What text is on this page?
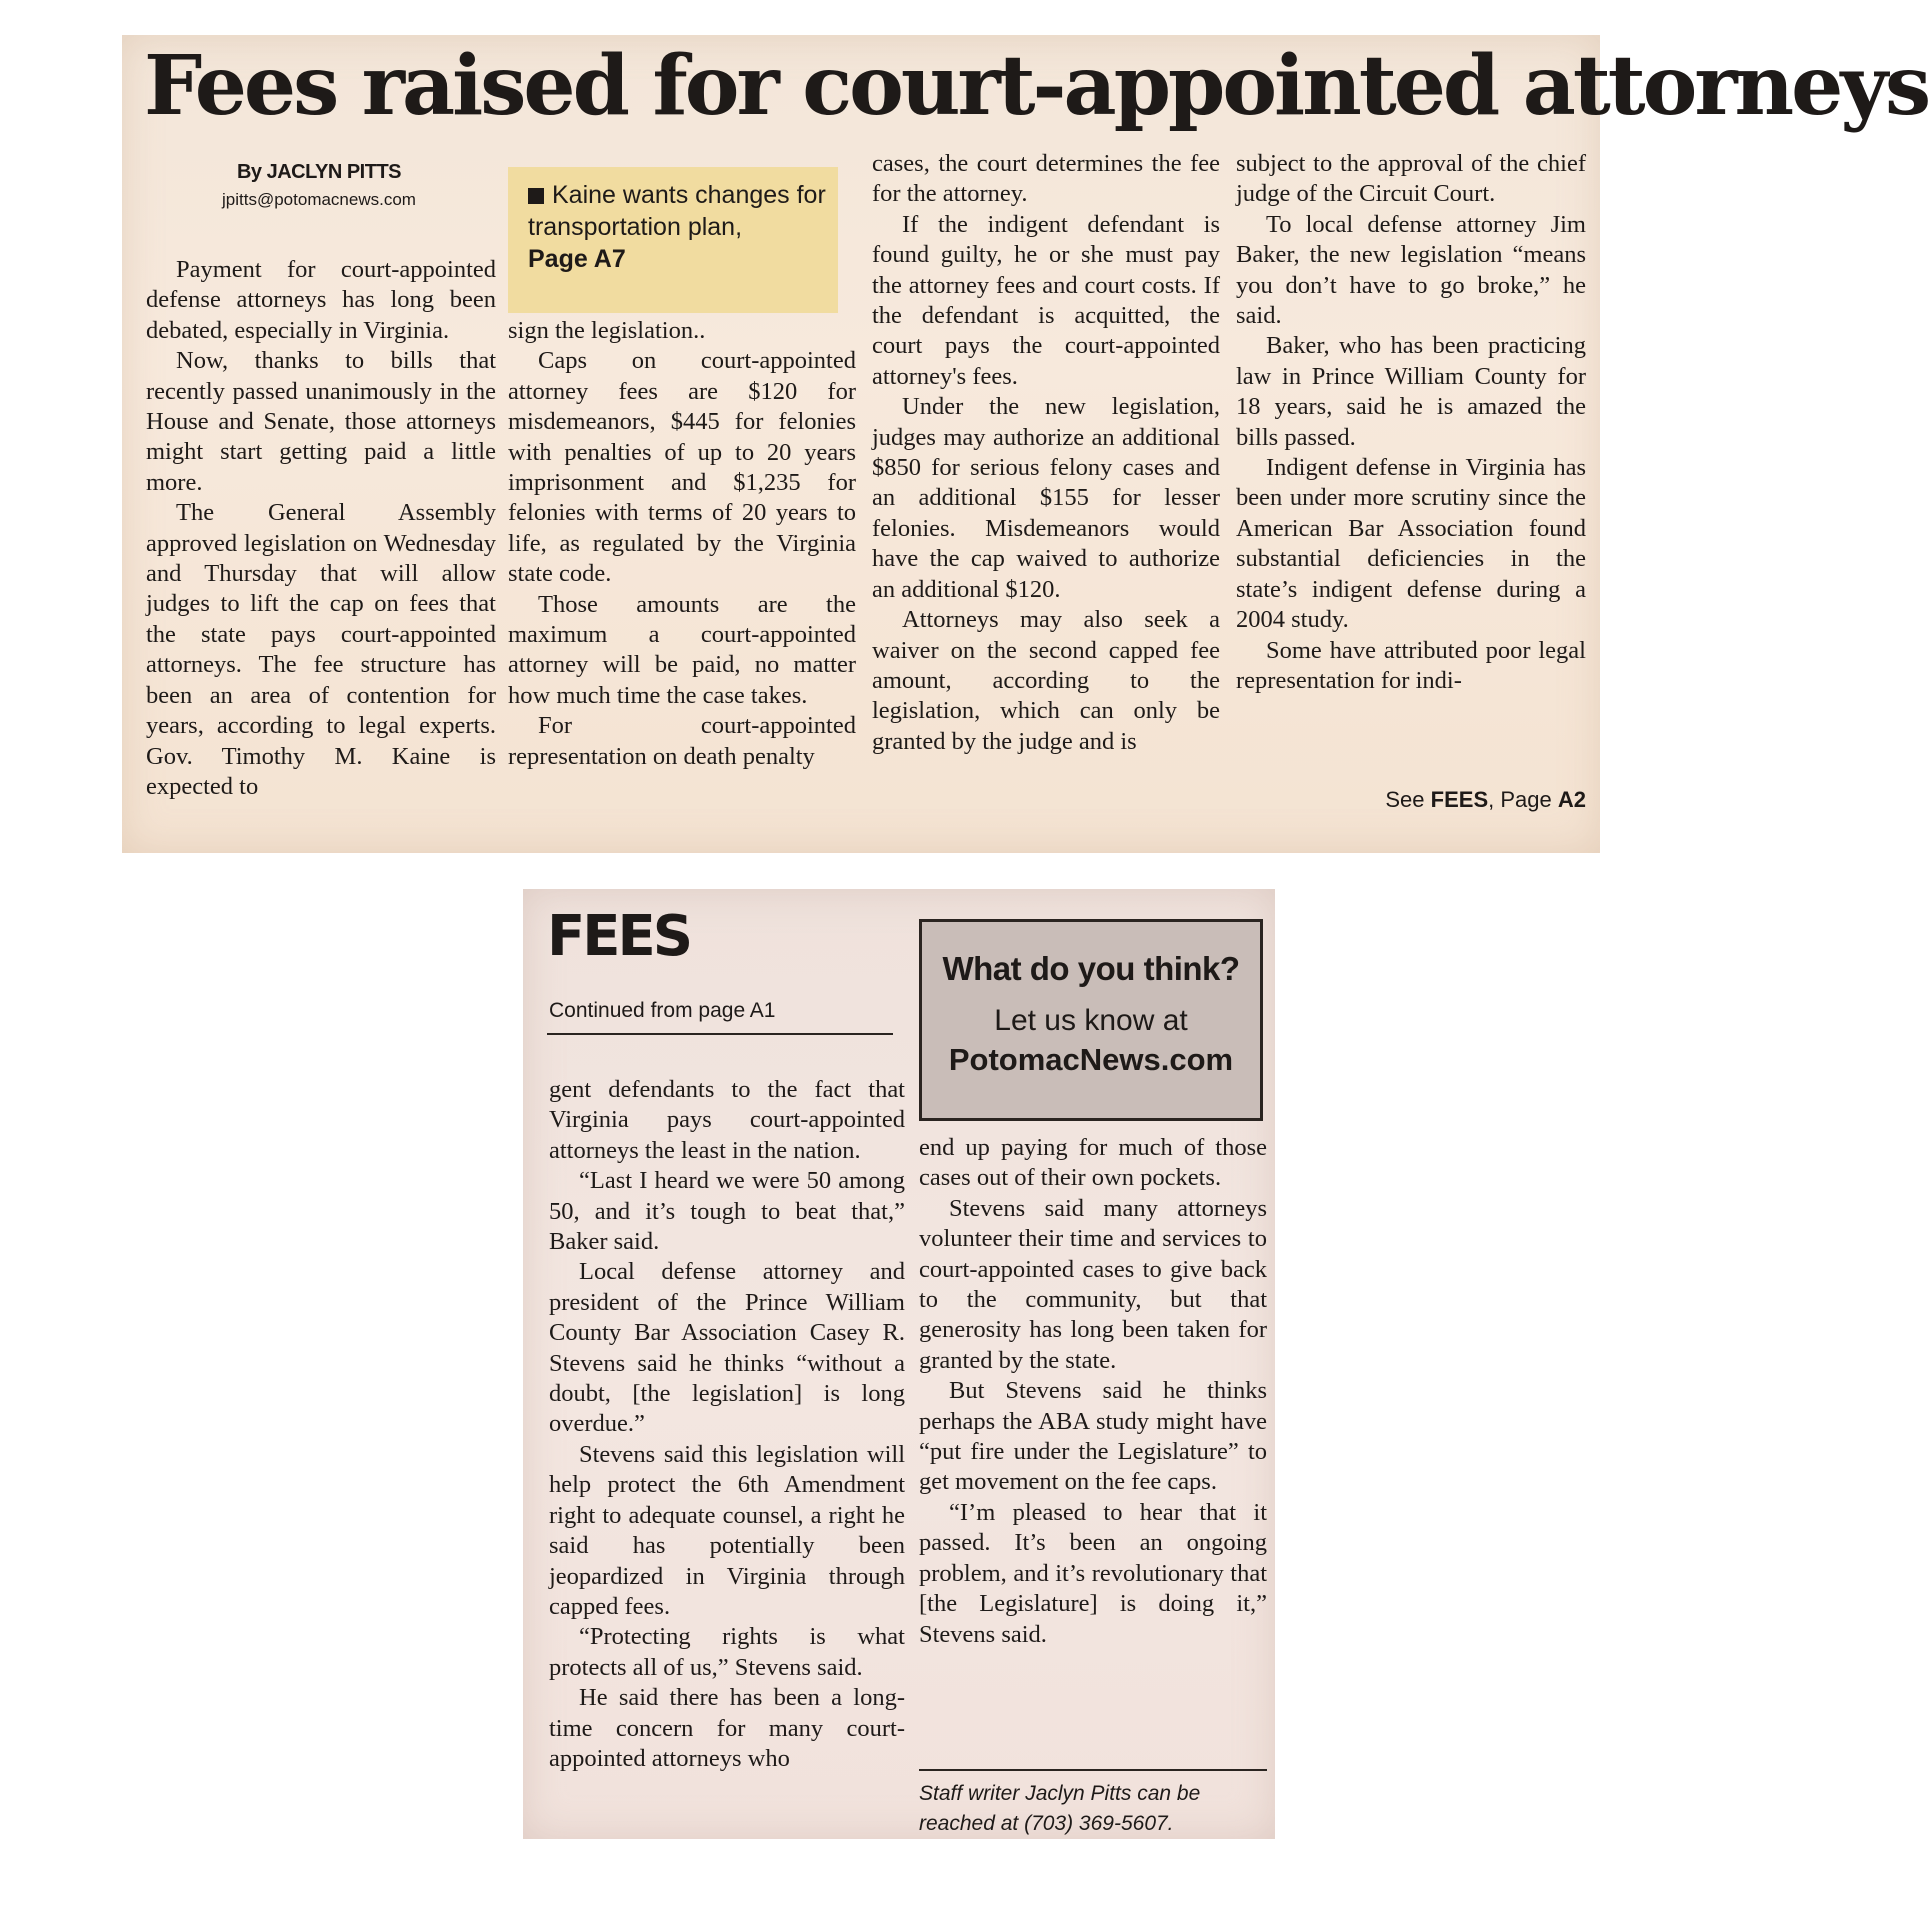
Fees raised for court-appointed attorneys
By JACLYN PITTS
jpitts@potomacnews.com

Payment for court-appointed defense attorneys has long been debated, especially in Virginia.

Now, thanks to bills that recently passed unanimously in the House and Senate, those attorneys might start getting paid a little more.

The General Assembly approved legislation on Wednesday and Thursday that will allow judges to lift the cap on fees that the state pays court-appointed attorneys. The fee structure has been an area of contention for years, according to legal experts. Gov. Timothy M. Kaine is expected to

Kaine wants changes for transportation plan,
Page A7

sign the legislation..

Caps on court-appointed attorney fees are $120 for misdemeanors, $445 for felonies with penalties of up to 20 years imprisonment and $1,235 for felonies with terms of 20 years to life, as regulated by the Virginia state code.

Those amounts are the maximum a court-appointed attorney will be paid, no matter how much time the case takes.

For court-appointed representation on death penalty

cases, the court determines the fee for the attorney.

If the indigent defendant is found guilty, he or she must pay the attorney fees and court costs. If the defendant is acquitted, the court pays the court-appointed attorney's fees.

Under the new legislation, judges may authorize an additional $850 for serious felony cases and an additional $155 for lesser felonies. Misdemeanors would have the cap waived to authorize an additional $120.

Attorneys may also seek a waiver on the second capped fee amount, according to the legislation, which can only be granted by the judge and is

subject to the approval of the chief judge of the Circuit Court.

To local defense attorney Jim Baker, the new legislation “means you don’t have to go broke,” he said.

Baker, who has been practicing law in Prince William County for 18 years, said he is amazed the bills passed.

Indigent defense in Virginia has been under more scrutiny since the American Bar Association found substantial deficiencies in the state’s indigent defense during a 2004 study.

Some have attributed poor legal representation for indi-

See FEES, Page A2
FEES
Continued from page A1
What do you think?
Let us know at
PotomacNews.com

gent defendants to the fact that Virginia pays court-appointed attorneys the least in the nation.

“Last I heard we were 50 among 50, and it’s tough to beat that,” Baker said.

Local defense attorney and president of the Prince William County Bar Association Casey R. Stevens said he thinks “without a doubt, [the legislation] is long overdue.”

Stevens said this legislation will help protect the 6th Amendment right to adequate counsel, a right he said has potentially been jeopardized in Virginia through capped fees.

“Protecting rights is what protects all of us,” Stevens said.

He said there has been a long-time concern for many court-appointed attorneys who

end up paying for much of those cases out of their own pockets.

Stevens said many attorneys volunteer their time and services to court-appointed cases to give back to the community, but that generosity has long been taken for granted by the state.

But Stevens said he thinks perhaps the ABA study might have “put fire under the Legislature” to get movement on the fee caps.

“I’m pleased to hear that it passed. It’s been an ongoing problem, and it’s revolutionary that [the Legislature] is doing it,” Stevens said.

Staff writer Jaclyn Pitts can be reached at (703) 369-5607.
